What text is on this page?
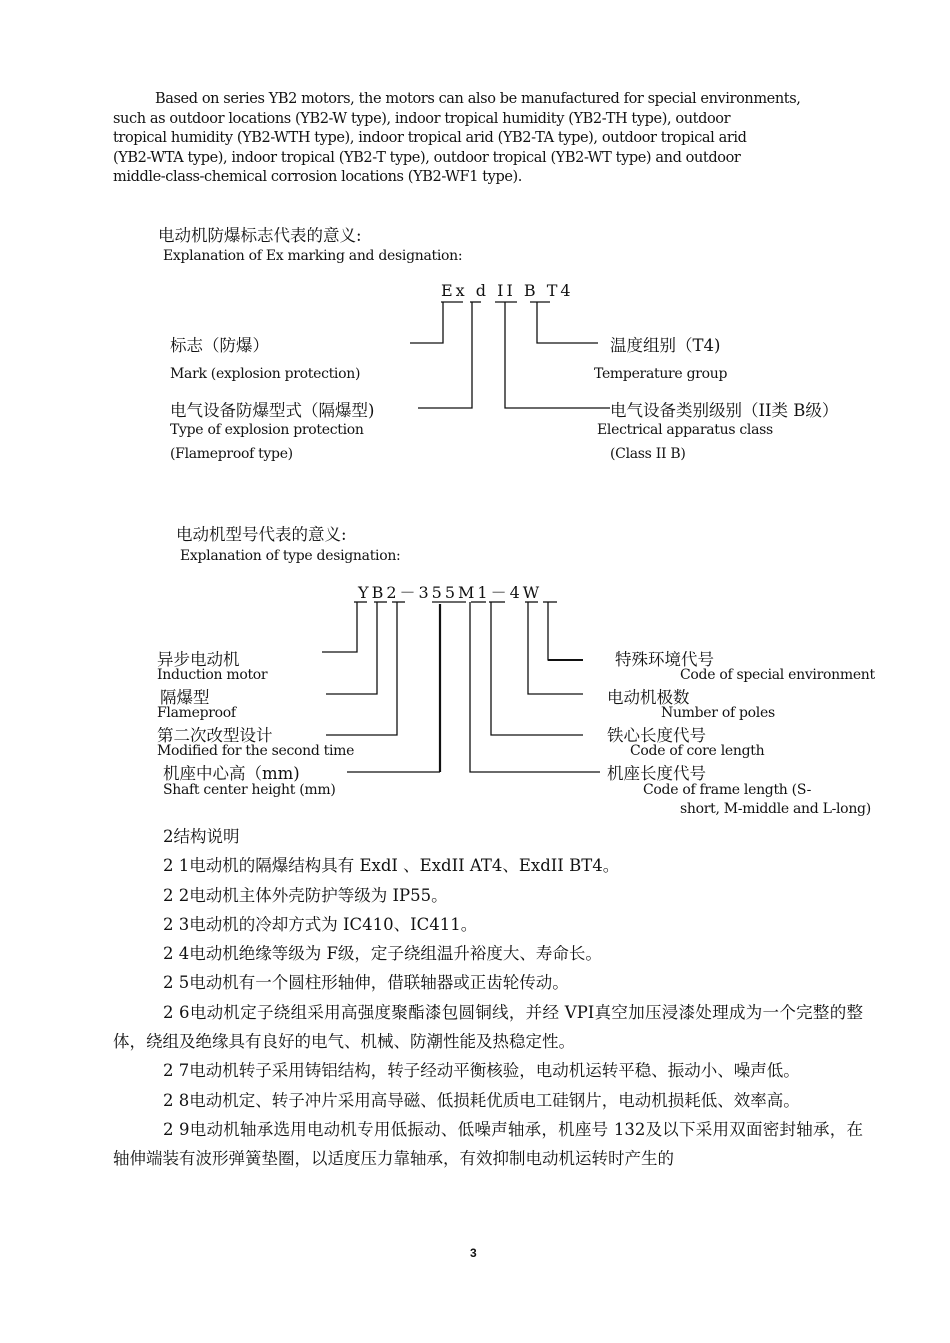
Based on series YB2 motors, the motors can also be manufactured for special environments,

such as outdoor locations (YB2-W type), indoor tropical humidity (YB2-TH type), outdoor

tropical humidity (YB2-WTH type), indoor tropical arid (YB2-TA type), outdoor tropical arid

(YB2-WTA type), indoor tropical (YB2-T type), outdoor tropical (YB2-WT type) and outdoor

middle-class-chemical corrosion locations (YB2-WF1 type).

电动机防爆标志代表的意义:
Explanation of Ex marking and designation:
Ex d II B T4
标志（防爆）
Mark (explosion protection)
电气设备防爆型式（隔爆型)
Type of explosion protection
(Flameproof type)
温度组别（T4)
Temperature group
电气设备类别级别（II类 B级）
Electrical apparatus class
(Class II B)
电动机型号代表的意义:
Explanation of type designation:
YB2－355M1－4W
异步电动机
Induction motor
隔爆型
Flameproof
第二次改型设计
Modified for the second time
机座中心高（mm)
Shaft center height (mm)
特殊环境代号
Code of special environment
电动机极数
Number of poles
铁心长度代号
Code of core length
机座长度代号
Code of frame length (S-
short, M-middle and L-long)

2结构说明

2 1电动机的隔爆结构具有 ExdI 、ExdII AT4、ExdII BT4。

2 2电动机主体外壳防护等级为 IP55。

2 3电动机的冷却方式为 IC410、IC411。

2 4电动机绝缘等级为 F级，定子绕组温升裕度大、寿命长。

2 5电动机有一个圆柱形轴伸，借联轴器或正齿轮传动。

2 6电动机定子绕组采用高强度聚酯漆包圆铜线，并经 VPI真空加压浸漆处理成为一个完整的整体，绕组及绝缘具有良好的电气、机械、防潮性能及热稳定性。

2 7电动机转子采用铸铝结构，转子经动平衡核验，电动机运转平稳、振动小、噪声低。

2 8电动机定、转子冲片采用高导磁、低损耗优质电工硅钢片，电动机损耗低、效率高。

2 9电动机轴承选用电动机专用低振动、低噪声轴承，机座号 132及以下采用双面密封轴承，在轴伸端装有波形弹簧垫圈，以适度压力靠轴承，有效抑制电动机运转时产生的

3
